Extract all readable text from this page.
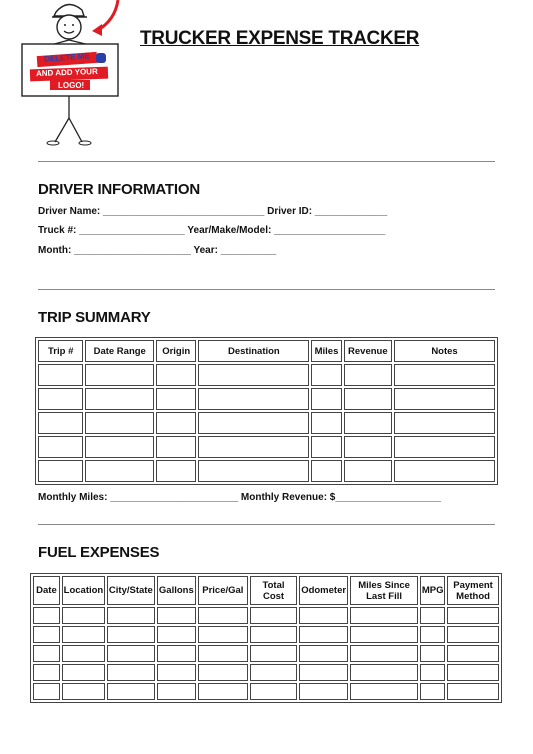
DELETE ME
AND ADD YOUR
LOGO!
TRUCKER EXPENSE TRACKER
DRIVER INFORMATION
Driver Name: _____________________________ Driver ID: _____________
Truck #: ___________________ Year/Make/Model: ____________________
Month: _____________________ Year: __________
TRIP SUMMARY
Trip #	Date Range	Origin	Destination	Miles	Revenue	Notes

Monthly Miles: _______________________ Monthly Revenue: $___________________
FUEL EXPENSES
Date	Location	City/State	Gallons	Price/Gal	Total Cost	Odometer	Miles Since Last Fill	MPG	Payment Method
